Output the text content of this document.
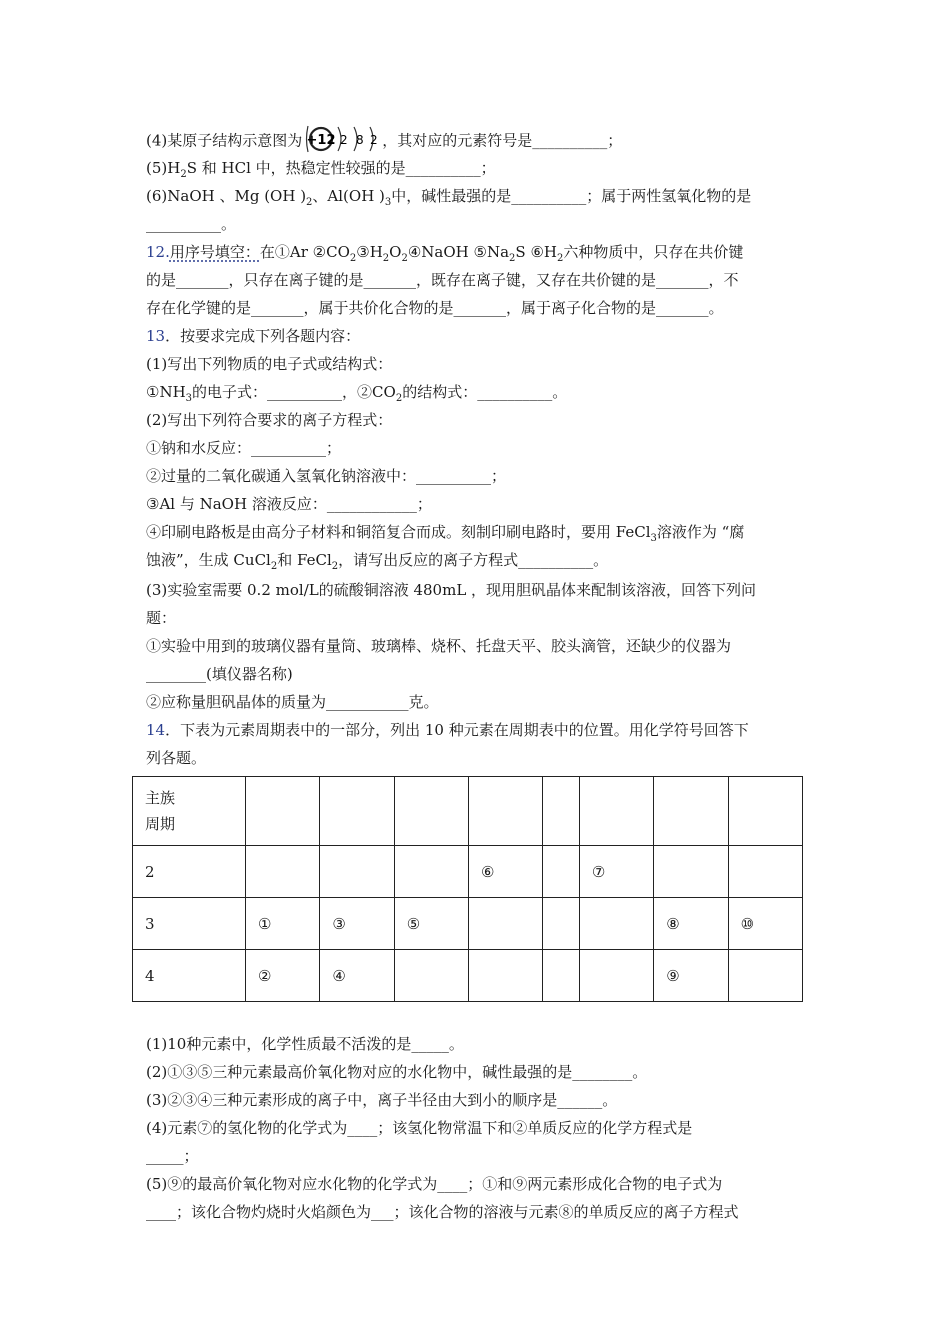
(4)某原子结构示意图为 +12 2 8 2 ，其对应的元素符号是__________；
$(5)H_2S$ 和 HCl 中，热稳定性较强的是__________；
(6)NaOH 、Mg (OH )$_2$、Al(OH )$_3$中，碱性最强的是__________；属于两性氢氧化物的是
__________。
12.用序号填空：在①Ar $②CO_2③H_2O_2④NaOH$ $⑤Na_2S$ $⑥H_2$六种物质中，只存在共价键
的是_______，只存在离子键的是_______，既存在离子键，又存在共价键的是_______，不
存在化学键的是_______，属于共价化合物的是_______，属于离子化合物的是_______。
13．按要求完成下列各题内容：
(1)写出下列物质的电子式或结构式：
$①NH_3$的电子式：__________，$②CO_2$的结构式：__________。
(2)写出下列符合要求的离子方程式：
①钠和水反应：__________；
②过量的二氧化碳通入氢氧化钠溶液中：__________；
③Al 与 NaOH 溶液反应：____________；
④印刷电路板是由高分子材料和铜箔复合而成。刻制印刷电路时，要用 FeCl$_3$溶液作为 “腐
蚀液”，生成 CuCl$_2$和 FeCl$_2$，请写出反应的离子方程式__________。
(3)实验室需要 0.2 mol/L的硫酸铜溶液 480mL ，现用胆矾晶体来配制该溶液，回答下列问
题：
①实验中用到的玻璃仪器有量筒、玻璃棒、烧杯、托盘天平、胶头滴管，还缺少的仪器为
________(填仪器名称)
②应称量胆矾晶体的质量为___________克。
14．下表为元素周期表中的一部分，列出 10 种元素在周期表中的位置。用化学符号回答下
列各题。
主族
周期								

2				⑥		⑦		
3	①	③	⑤				⑧	⑩
4	②	④					⑨	
(1)10种元素中，化学性质最不活泼的是_____。
(2)①③⑤三种元素最高价氧化物对应的水化物中，碱性最强的是________。
(3)②③④三种元素形成的离子中，离子半径由大到小的顺序是______。
(4)元素⑦的氢化物的化学式为____；该氢化物常温下和②单质反应的化学方程式是
_____；
(5)⑨的最高价氧化物对应水化物的化学式为____；①和⑨两元素形成化合物的电子式为
____；该化合物灼烧时火焰颜色为___；该化合物的溶液与元素⑧的单质反应的离子方程式
